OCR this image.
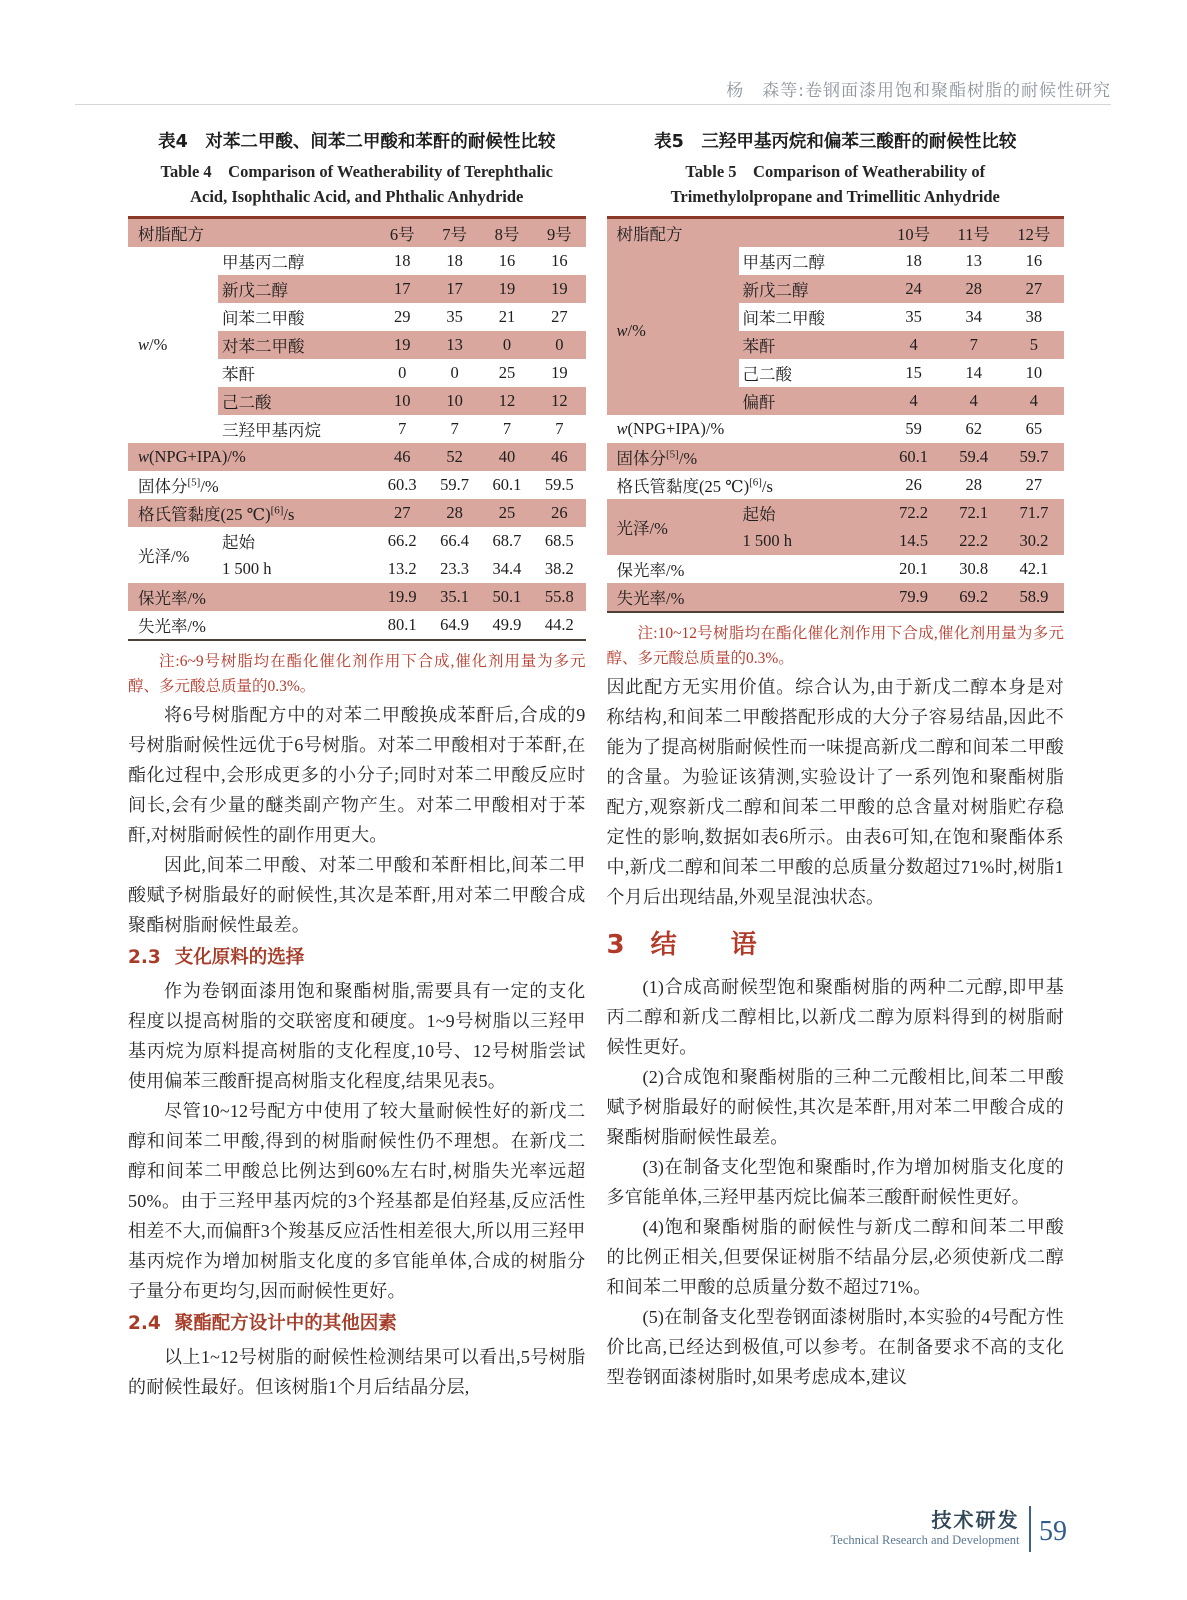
杨　森等:卷钢面漆用饱和聚酯树脂的耐候性研究

表4　对苯二甲酸、间苯二甲酸和苯酐的耐候性比较

Table 4　Comparison of Weatherability of Terephthalic Acid, Isophthalic Acid, and Phthalic Anhydride

树脂配方		6号	7号	8号	9号
w/%	甲基丙二醇	18	18	16	16
	新戊二醇	17	17	19	19
	间苯二甲酸	29	35	21	27
	对苯二甲酸	19	13	0	0
	苯酐	0	0	25	19
	己二酸	10	10	12	12
	三羟甲基丙烷	7	7	7	7
w(NPG+IPA)/%		46	52	40	46
固体分[5]/%		60.3	59.7	60.1	59.5
格氏管黏度(25 ℃)[6]/s		27	28	25	26
光泽/%	起始	66.2	66.4	68.7	68.5
	1 500 h	13.2	23.3	34.4	38.2
保光率/%		19.9	35.1	50.1	55.8
失光率/%		80.1	64.9	49.9	44.2

注:6~9号树脂均在酯化催化剂作用下合成,催化剂用量为多元醇、多元酸总质量的0.3%。

将6号树脂配方中的对苯二甲酸换成苯酐后,合成的9号树脂耐候性远优于6号树脂。对苯二甲酸相对于苯酐,在酯化过程中,会形成更多的小分子;同时对苯二甲酸反应时间长,会有少量的醚类副产物产生。对苯二甲酸相对于苯酐,对树脂耐候性的副作用更大。

因此,间苯二甲酸、对苯二甲酸和苯酐相比,间苯二甲酸赋予树脂最好的耐候性,其次是苯酐,用对苯二甲酸合成聚酯树脂耐候性最差。

2.3 支化原料的选择

作为卷钢面漆用饱和聚酯树脂,需要具有一定的支化程度以提高树脂的交联密度和硬度。1~9号树脂以三羟甲基丙烷为原料提高树脂的支化程度,10号、12号树脂尝试使用偏苯三酸酐提高树脂支化程度,结果见表5。

尽管10~12号配方中使用了较大量耐候性好的新戊二醇和间苯二甲酸,得到的树脂耐候性仍不理想。在新戊二醇和间苯二甲酸总比例达到60%左右时,树脂失光率远超50%。由于三羟甲基丙烷的3个羟基都是伯羟基,反应活性相差不大,而偏酐3个羧基反应活性相差很大,所以用三羟甲基丙烷作为增加树脂支化度的多官能单体,合成的树脂分子量分布更均匀,因而耐候性更好。

2.4 聚酯配方设计中的其他因素

以上1~12号树脂的耐候性检测结果可以看出,5号树脂的耐候性最好。但该树脂1个月后结晶分层,

表5　三羟甲基丙烷和偏苯三酸酐的耐候性比较

Table 5　Comparison of Weatherability of Trimethylolpropane and Trimellitic Anhydride

树脂配方		10号	11号	12号
w/%	甲基丙二醇	18	13	16
	新戊二醇	24	28	27
	间苯二甲酸	35	34	38
	苯酐	4	7	5
	己二酸	15	14	10
	偏酐	4	4	4
w(NPG+IPA)/%		59	62	65
固体分[5]/%		60.1	59.4	59.7
格氏管黏度(25 ℃)[6]/s		26	28	27
光泽/%	起始	72.2	72.1	71.7
	1 500 h	14.5	22.2	30.2
保光率/%		20.1	30.8	42.1
失光率/%		79.9	69.2	58.9

注:10~12号树脂均在酯化催化剂作用下合成,催化剂用量为多元醇、多元酸总质量的0.3%。

因此配方无实用价值。综合认为,由于新戊二醇本身是对称结构,和间苯二甲酸搭配形成的大分子容易结晶,因此不能为了提高树脂耐候性而一味提高新戊二醇和间苯二甲酸的含量。为验证该猜测,实验设计了一系列饱和聚酯树脂配方,观察新戊二醇和间苯二甲酸的总含量对树脂贮存稳定性的影响,数据如表6所示。由表6可知,在饱和聚酯体系中,新戊二醇和间苯二甲酸的总质量分数超过71%时,树脂1个月后出现结晶,外观呈混浊状态。

3 结　语

(1)合成高耐候型饱和聚酯树脂的两种二元醇,即甲基丙二醇和新戊二醇相比,以新戊二醇为原料得到的树脂耐候性更好。

(2)合成饱和聚酯树脂的三种二元酸相比,间苯二甲酸赋予树脂最好的耐候性,其次是苯酐,用对苯二甲酸合成的聚酯树脂耐候性最差。

(3)在制备支化型饱和聚酯时,作为增加树脂支化度的多官能单体,三羟甲基丙烷比偏苯三酸酐耐候性更好。

(4)饱和聚酯树脂的耐候性与新戊二醇和间苯二甲酸的比例正相关,但要保证树脂不结晶分层,必须使新戊二醇和间苯二甲酸的总质量分数不超过71%。

(5)在制备支化型卷钢面漆树脂时,本实验的4号配方性价比高,已经达到极值,可以参考。在制备要求不高的支化型卷钢面漆树脂时,如果考虑成本,建议

技术研发
Technical Research and Development 59
